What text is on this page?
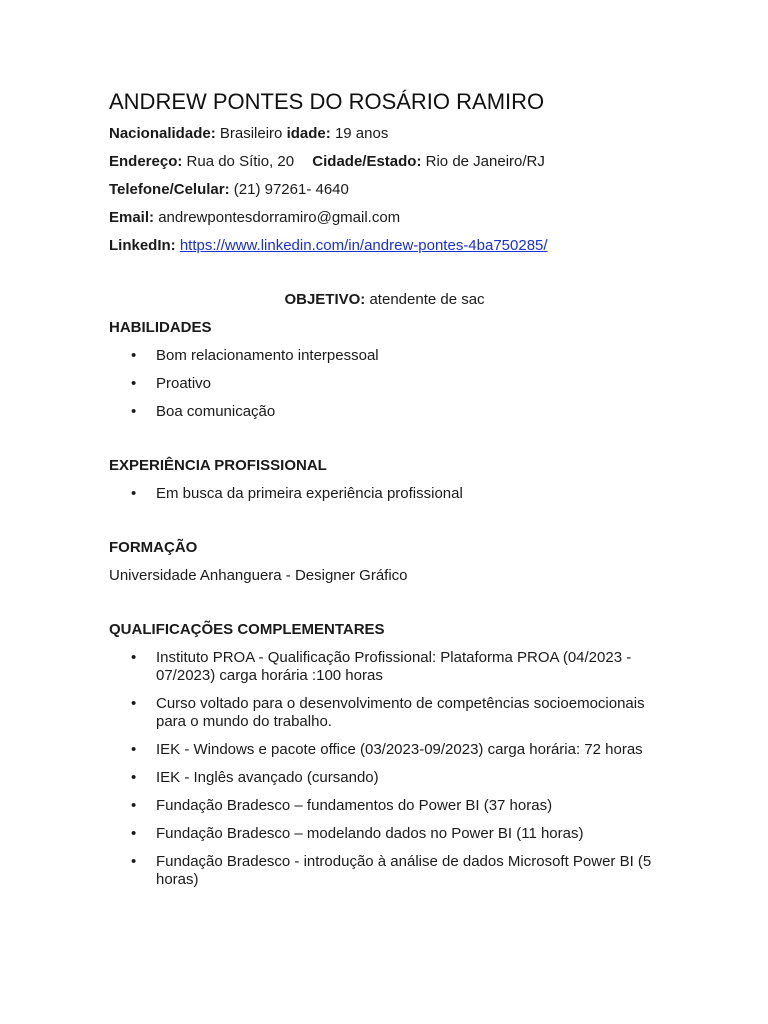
ANDREW PONTES DO ROSÁRIO RAMIRO
Nacionalidade: Brasileiro idade: 19 anos
Endereço: Rua do Sítio, 20 Cidade/Estado: Rio de Janeiro/RJ
Telefone/Celular: (21) 97261- 4640
Email: andrewpontesdorramiro@gmail.com
LinkedIn: https://www.linkedin.com/in/andrew-pontes-4ba750285/
OBJETIVO: atendente de sac
HABILIDADES
• Bom relacionamento interpessoal
• Proativo
• Boa comunicação
EXPERIÊNCIA PROFISSIONAL
• Em busca da primeira experiência profissional
FORMAÇÃO
Universidade Anhanguera - Designer Gráfico
QUALIFICAÇÕES COMPLEMENTARES
• Instituto PROA - Qualificação Profissional: Plataforma PROA (04/2023 - 07/2023) carga horária :100 horas
• Curso voltado para o desenvolvimento de competências socioemocionais para o mundo do trabalho.
• IEK - Windows e pacote office (03/2023-09/2023) carga horária: 72 horas
• IEK - Inglês avançado (cursando)
• Fundação Bradesco – fundamentos do Power BI (37 horas)
• Fundação Bradesco – modelando dados no Power BI (11 horas)
• Fundação Bradesco - introdução à análise de dados Microsoft Power BI (5 horas)
